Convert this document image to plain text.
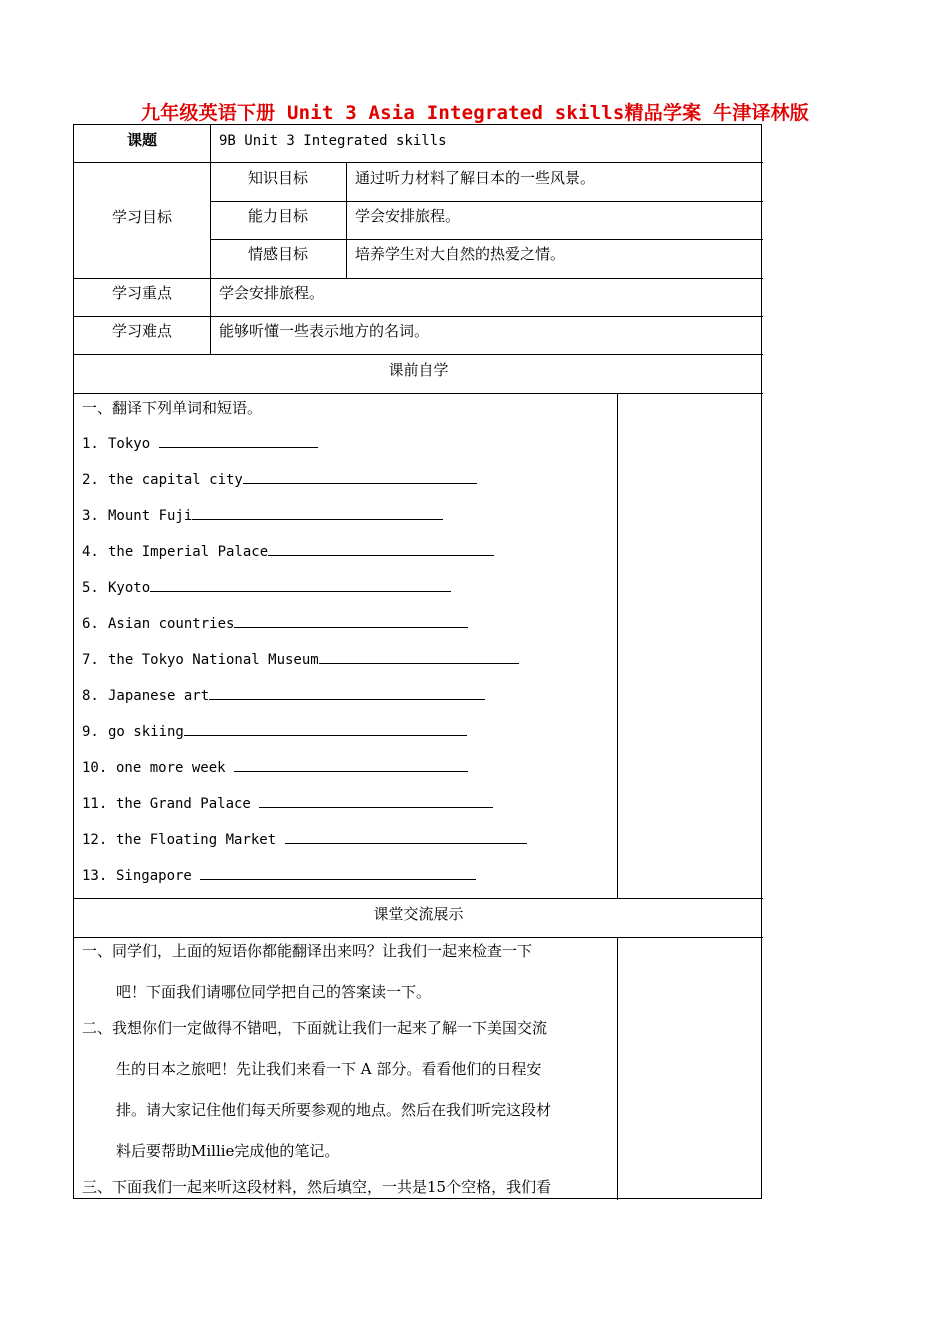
九年级英语下册 Unit 3 Asia Integrated skills精品学案 牛津译林版
课题	9B Unit 3 Integrated skills
学习目标
知识目标	通过听力材料了解日本的一些风景。
能力目标	学会安排旅程。
情感目标	培养学生对大自然的热爱之情。
学习重点	学会安排旅程。
学习难点	能够听懂一些表示地方的名词。
课前自学
一、翻译下列单词和短语。
1. Tokyo
2. the capital city
3. Mount Fuji
4. the Imperial Palace
5. Kyoto
6. Asian countries
7. the Tokyo National Museum
8. Japanese art
9. go skiing
10. one more week
11. the Grand Palace
12. the Floating Market
13. Singapore
课堂交流展示
一、同学们，上面的短语你都能翻译出来吗？让我们一起来检查一下
吧！下面我们请哪位同学把自己的答案读一下。
二、我想你们一定做得不错吧，下面就让我们一起来了解一下美国交流
生的日本之旅吧！先让我们来看一下 A 部分。看看他们的日程安
排。请大家记住他们每天所要参观的地点。然后在我们听完这段材
料后要帮助Millie完成他的笔记。
三、下面我们一起来听这段材料，然后填空，一共是15个空格，我们看
